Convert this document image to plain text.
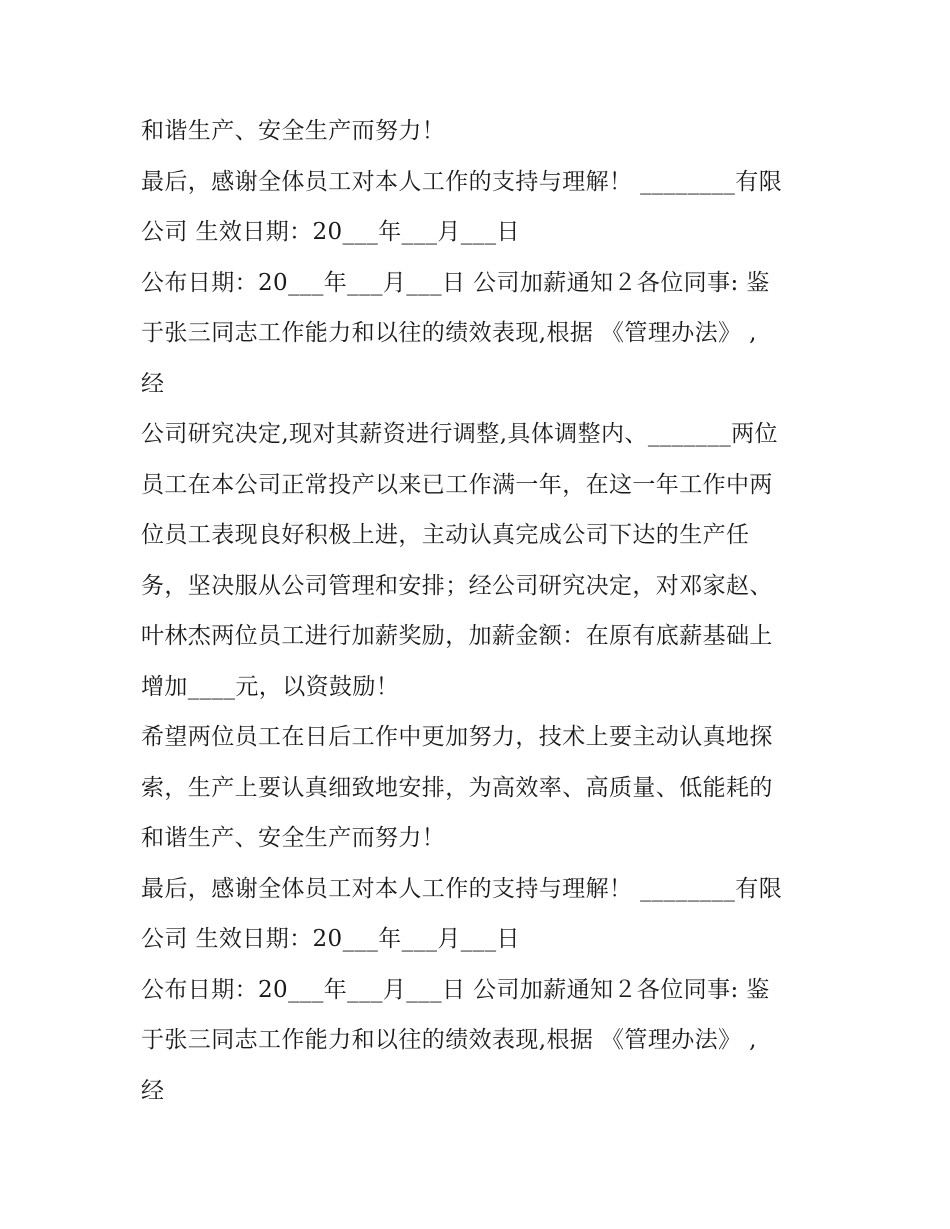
和谐生产、安全生产而努力！
最后，感谢全体员工对本人工作的支持与理解！ ________有限
公司 生效日期：20___年___月___日
公布日期：20___年___月___日 公司加薪通知２各位同事: 鉴
于张三同志工作能力和以往的绩效表现,根据 《管理办法》 ,
经
公司研究决定,现对其薪资进行调整,具体调整内、_______两位
员工在本公司正常投产以来已工作满一年，在这一年工作中两
位员工表现良好积极上进，主动认真完成公司下达的生产任
务，坚决服从公司管理和安排；经公司研究决定，对邓家赵、
叶林杰两位员工进行加薪奖励，加薪金额：在原有底薪基础上
增加____元，以资鼓励！
希望两位员工在日后工作中更加努力，技术上要主动认真地探
索，生产上要认真细致地安排，为高效率、高质量、低能耗的
和谐生产、安全生产而努力！
最后，感谢全体员工对本人工作的支持与理解！ ________有限
公司 生效日期：20___年___月___日
公布日期：20___年___月___日 公司加薪通知２各位同事: 鉴
于张三同志工作能力和以往的绩效表现,根据 《管理办法》 ,
经
